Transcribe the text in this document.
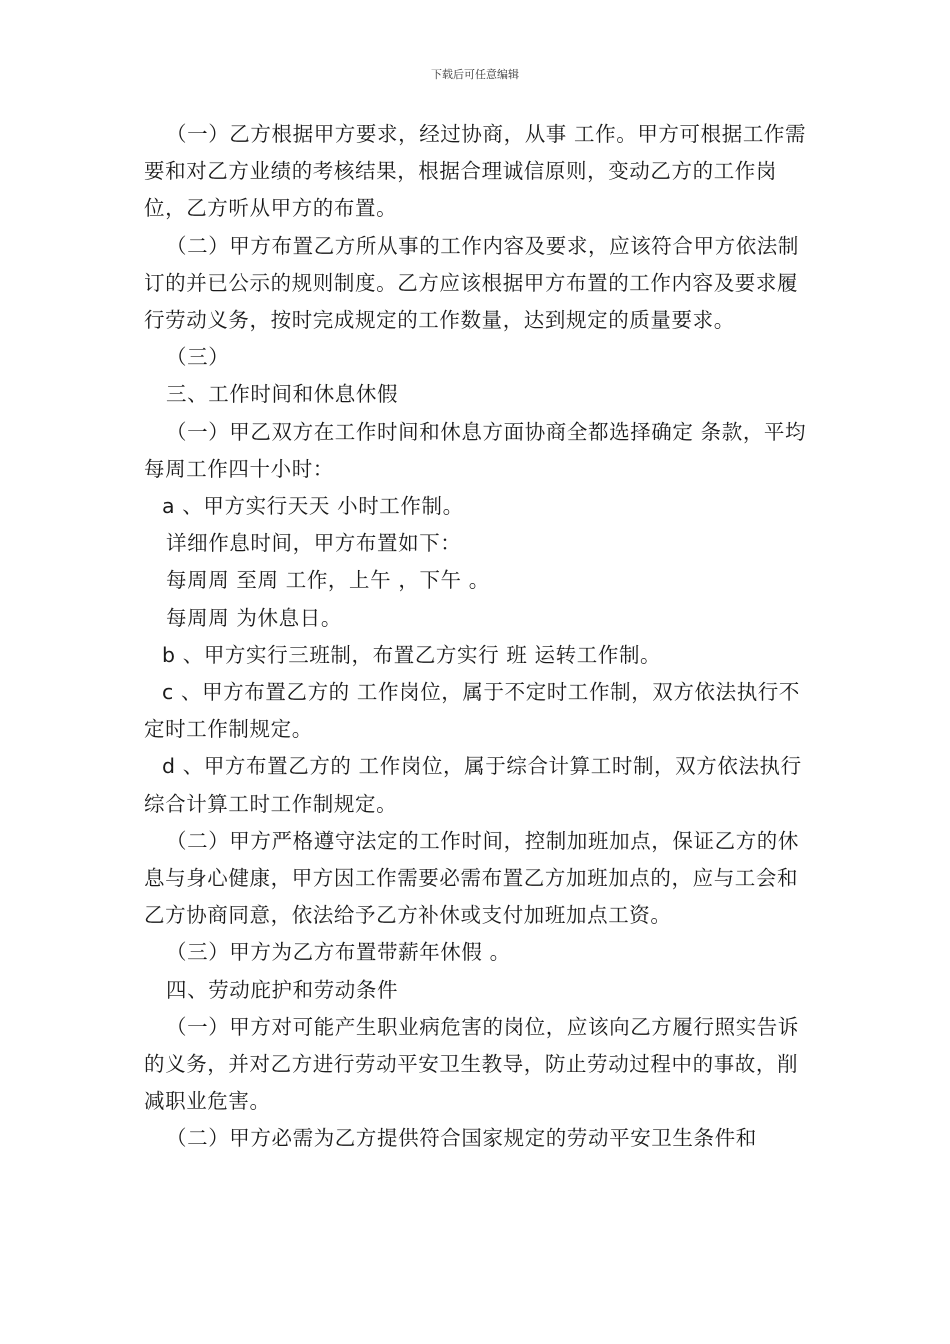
下载后可任意编辑

（一）乙方根据甲方要求，经过协商，从事 工作。甲方可根据工作需要和对乙方业绩的考核结果，根据合理诚信原则，变动乙方的工作岗位，乙方听从甲方的布置。

（二）甲方布置乙方所从事的工作内容及要求，应该符合甲方依法制订的并已公示的规则制度。乙方应该根据甲方布置的工作内容及要求履行劳动义务，按时完成规定的工作数量，达到规定的质量要求。

（三）

三、工作时间和休息休假

（一）甲乙双方在工作时间和休息方面协商全都选择确定 条款，平均每周工作四十小时：

a 、甲方实行天天 小时工作制。

详细作息时间，甲方布置如下：

每周周 至周 工作，上午 ，下午 。

每周周 为休息日。

b 、甲方实行三班制，布置乙方实行 班 运转工作制。

c 、甲方布置乙方的 工作岗位，属于不定时工作制，双方依法执行不定时工作制规定。

d 、甲方布置乙方的 工作岗位，属于综合计算工时制，双方依法执行综合计算工时工作制规定。

（二）甲方严格遵守法定的工作时间，控制加班加点，保证乙方的休息与身心健康，甲方因工作需要必需布置乙方加班加点的，应与工会和乙方协商同意，依法给予乙方补休或支付加班加点工资。

（三）甲方为乙方布置带薪年休假 。

四、劳动庇护和劳动条件

（一）甲方对可能产生职业病危害的岗位，应该向乙方履行照实告诉的义务，并对乙方进行劳动平安卫生教导，防止劳动过程中的事故，削减职业危害。

（二）甲方必需为乙方提供符合国家规定的劳动平安卫生条件和
